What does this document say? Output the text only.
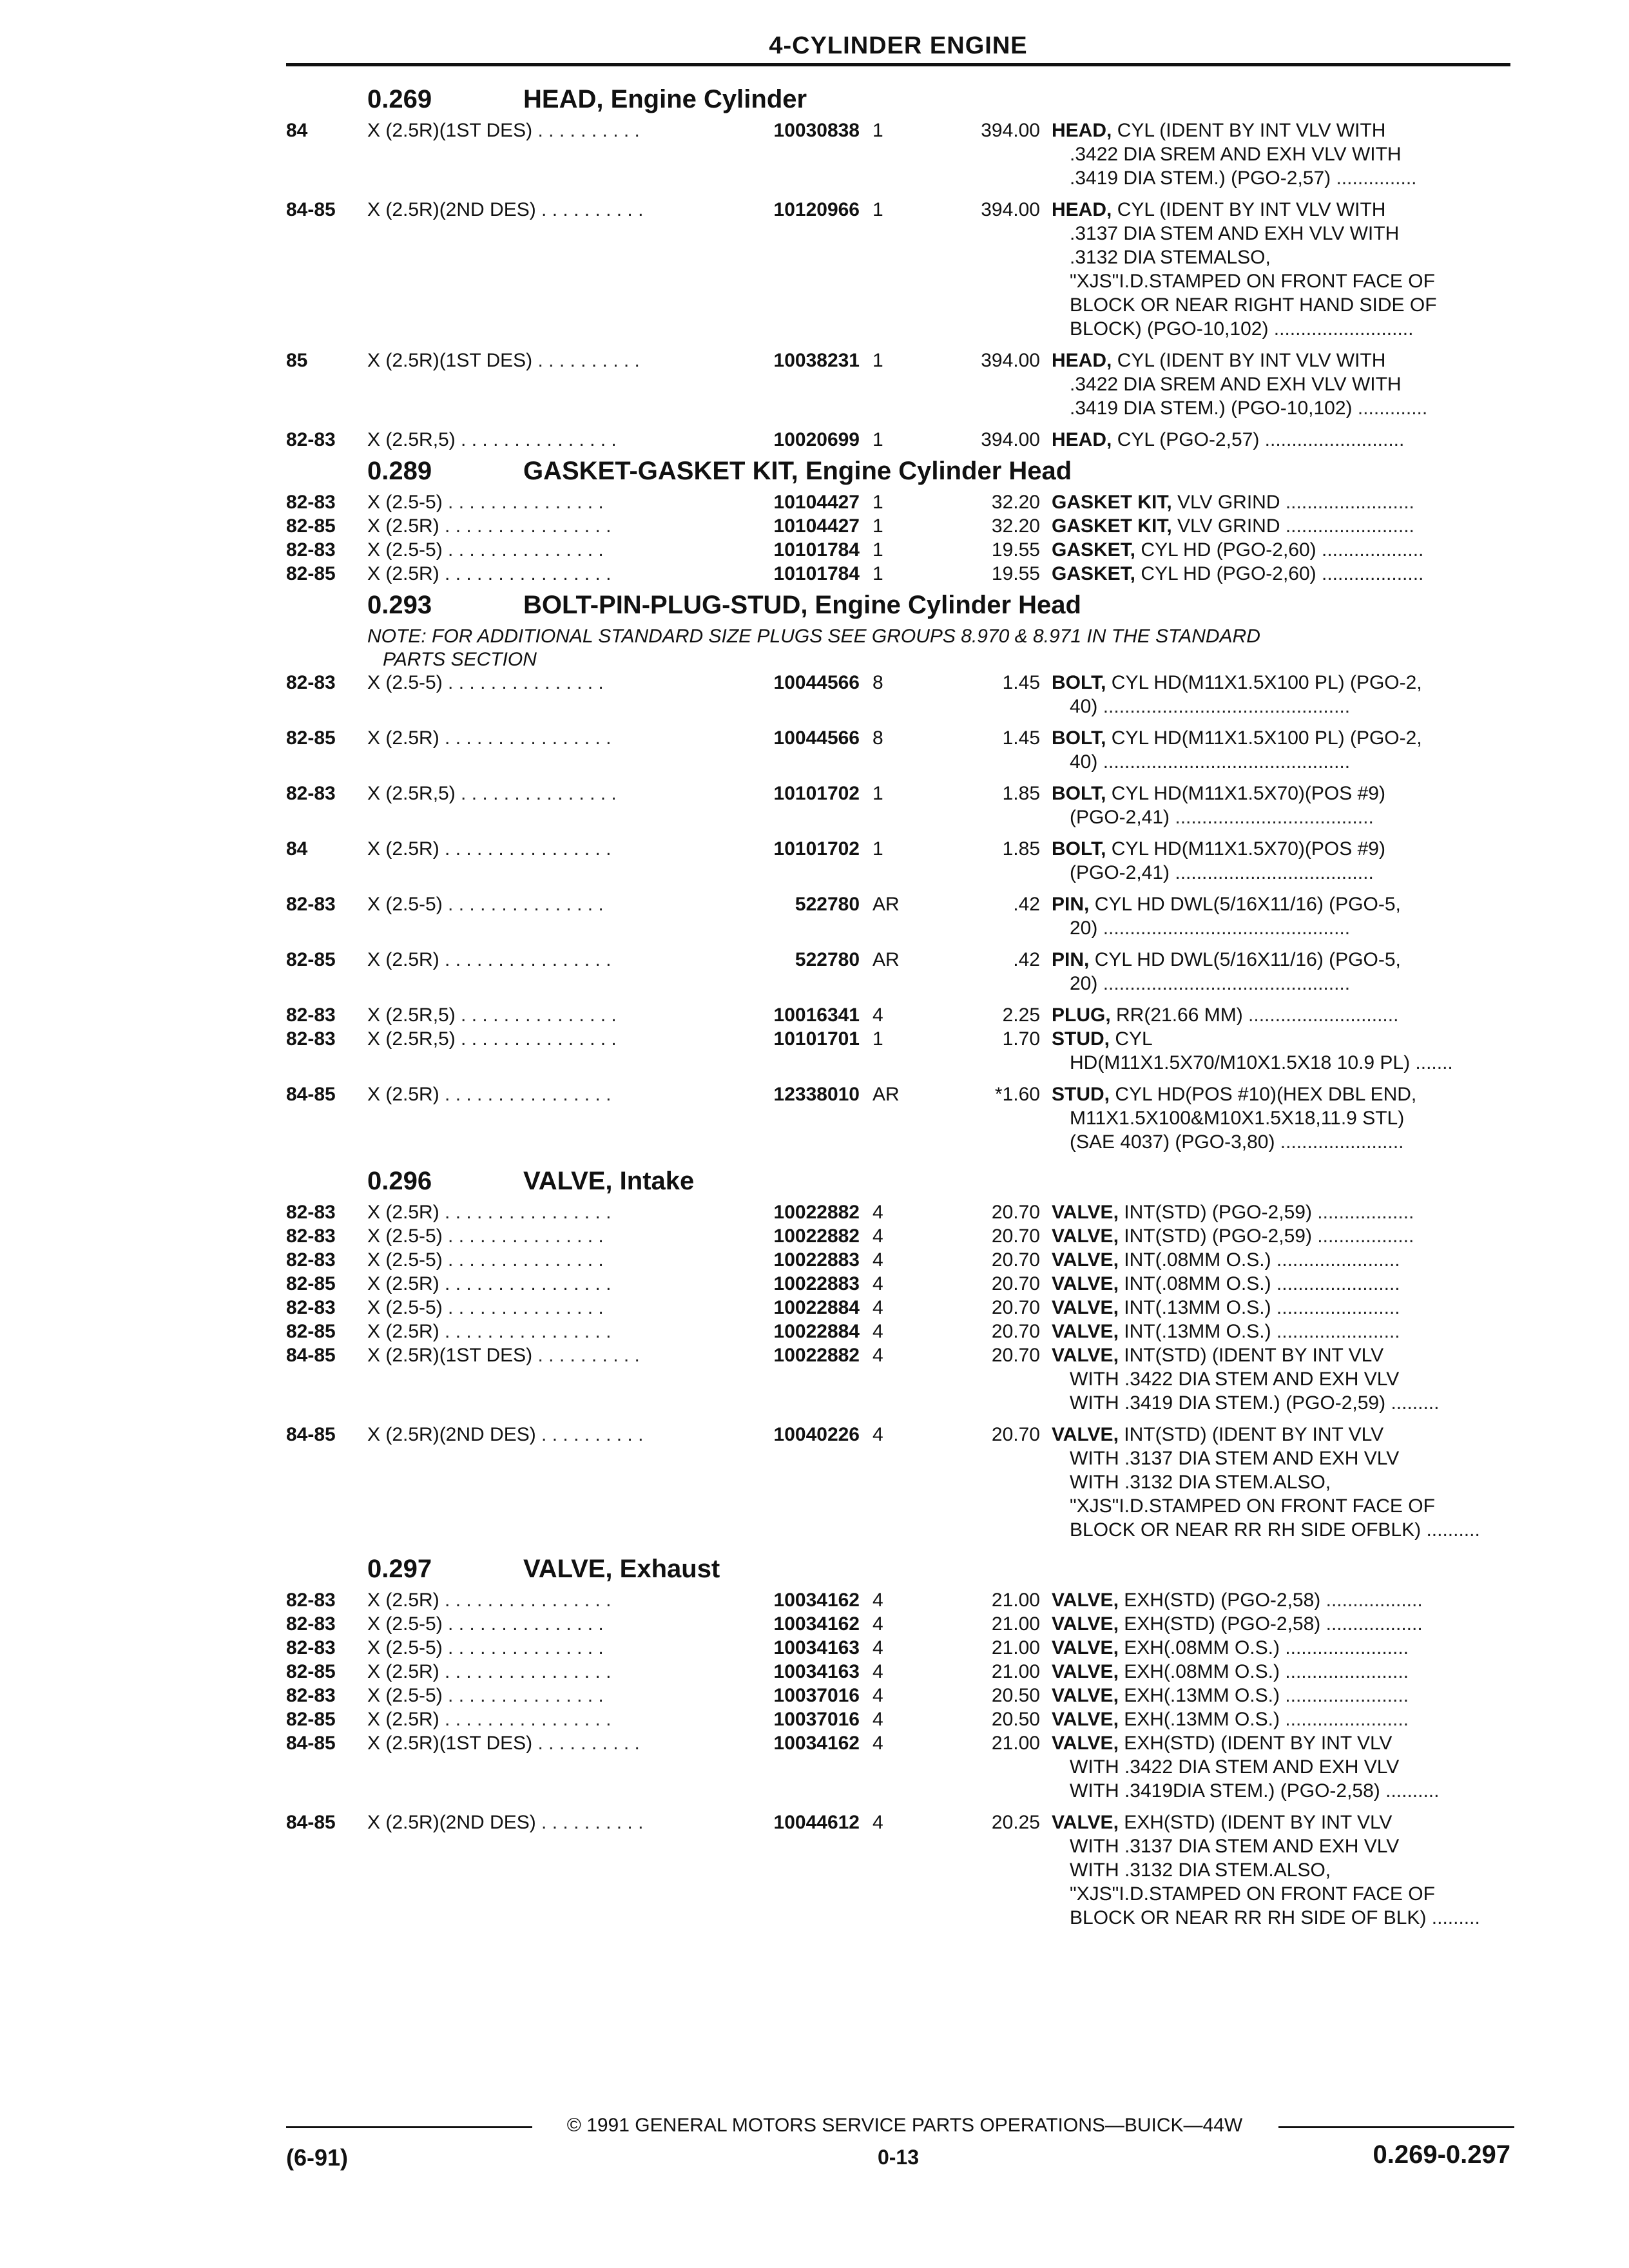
4-CYLINDER ENGINE
0.269	HEAD, Engine Cylinder
84	X (2.5R)(1ST DES) . . . . . . . . . .	10030838 1	394.00 HEAD, CYL (IDENT BY INT VLV WITH
.3422 DIA SREM AND EXH VLV WITH
.3419 DIA STEM.) (PGO-2,57) ...............
84-85	X (2.5R)(2ND DES) . . . . . . . . . .	10120966 1	394.00 HEAD, CYL (IDENT BY INT VLV WITH
.3137 DIA STEM AND EXH VLV WITH
.3132 DIA STEMALSO,
"XJS"I.D.STAMPED ON FRONT FACE OF
BLOCK OR NEAR RIGHT HAND SIDE OF
BLOCK) (PGO-10,102) ..........................
85	X (2.5R)(1ST DES) . . . . . . . . . .	10038231 1	394.00 HEAD, CYL (IDENT BY INT VLV WITH
.3422 DIA SREM AND EXH VLV WITH
.3419 DIA STEM.) (PGO-10,102) .............
82-83	X (2.5R,5) . . . . . . . . . . . . . . .	10020699 1	394.00 HEAD, CYL (PGO-2,57) ..........................
0.289	GASKET-GASKET KIT, Engine Cylinder Head
82-83	X (2.5-5) . . . . . . . . . . . . . . .	10104427 1	32.20 GASKET KIT, VLV GRIND ........................
82-85	X (2.5R) . . . . . . . . . . . . . . . .	10104427 1	32.20 GASKET KIT, VLV GRIND ........................
82-83	X (2.5-5) . . . . . . . . . . . . . . .	10101784 1	19.55 GASKET, CYL HD (PGO-2,60) ...................
82-85	X (2.5R) . . . . . . . . . . . . . . . .	10101784 1	19.55 GASKET, CYL HD (PGO-2,60) ...................
0.293	BOLT-PIN-PLUG-STUD, Engine Cylinder Head
NOTE: FOR ADDITIONAL STANDARD SIZE PLUGS SEE GROUPS 8.970 & 8.971 IN THE STANDARD
PARTS SECTION
82-83	X (2.5-5) . . . . . . . . . . . . . . .	10044566 8	1.45 BOLT, CYL HD(M11X1.5X100 PL) (PGO-2,
40) ..............................................
82-85	X (2.5R) . . . . . . . . . . . . . . . .	10044566 8	1.45 BOLT, CYL HD(M11X1.5X100 PL) (PGO-2,
40) ..............................................
82-83	X (2.5R,5) . . . . . . . . . . . . . . .	10101702 1	1.85 BOLT, CYL HD(M11X1.5X70)(POS #9)
(PGO-2,41) .....................................
84	X (2.5R) . . . . . . . . . . . . . . . .	10101702 1	1.85 BOLT, CYL HD(M11X1.5X70)(POS #9)
(PGO-2,41) .....................................
82-83	X (2.5-5) . . . . . . . . . . . . . . .	522780 AR	.42 PIN, CYL HD DWL(5/16X11/16) (PGO-5,
20) ..............................................
82-85	X (2.5R) . . . . . . . . . . . . . . . .	522780 AR	.42 PIN, CYL HD DWL(5/16X11/16) (PGO-5,
20) ..............................................
82-83	X (2.5R,5) . . . . . . . . . . . . . . .	10016341 4	2.25 PLUG, RR(21.66 MM) ............................
82-83	X (2.5R,5) . . . . . . . . . . . . . . .	10101701 1	1.70 STUD, CYL
HD(M11X1.5X70/M10X1.5X18 10.9 PL) .......
84-85	X (2.5R) . . . . . . . . . . . . . . . .	12338010 AR	*1.60 STUD, CYL HD(POS #10)(HEX DBL END,
M11X1.5X100&M10X1.5X18,11.9 STL)
(SAE 4037) (PGO-3,80) .......................
0.296	VALVE, Intake
82-83	X (2.5R) . . . . . . . . . . . . . . . .	10022882 4	20.70 VALVE, INT(STD) (PGO-2,59) ..................
82-83	X (2.5-5) . . . . . . . . . . . . . . .	10022882 4	20.70 VALVE, INT(STD) (PGO-2,59) ..................
82-83	X (2.5-5) . . . . . . . . . . . . . . .	10022883 4	20.70 VALVE, INT(.08MM O.S.) .......................
82-85	X (2.5R) . . . . . . . . . . . . . . . .	10022883 4	20.70 VALVE, INT(.08MM O.S.) .......................
82-83	X (2.5-5) . . . . . . . . . . . . . . .	10022884 4	20.70 VALVE, INT(.13MM O.S.) .......................
82-85	X (2.5R) . . . . . . . . . . . . . . . .	10022884 4	20.70 VALVE, INT(.13MM O.S.) .......................
84-85	X (2.5R)(1ST DES) . . . . . . . . . .	10022882 4	20.70 VALVE, INT(STD) (IDENT BY INT VLV
WITH .3422 DIA STEM AND EXH VLV
WITH .3419 DIA STEM.) (PGO-2,59) .........
84-85	X (2.5R)(2ND DES) . . . . . . . . . .	10040226 4	20.70 VALVE, INT(STD) (IDENT BY INT VLV
WITH .3137 DIA STEM AND EXH VLV
WITH .3132 DIA STEM.ALSO,
"XJS"I.D.STAMPED ON FRONT FACE OF
BLOCK OR NEAR RR RH SIDE OFBLK) ..........
0.297	VALVE, Exhaust
82-83	X (2.5R) . . . . . . . . . . . . . . . .	10034162 4	21.00 VALVE, EXH(STD) (PGO-2,58) ..................
82-83	X (2.5-5) . . . . . . . . . . . . . . .	10034162 4	21.00 VALVE, EXH(STD) (PGO-2,58) ..................
82-83	X (2.5-5) . . . . . . . . . . . . . . .	10034163 4	21.00 VALVE, EXH(.08MM O.S.) .......................
82-85	X (2.5R) . . . . . . . . . . . . . . . .	10034163 4	21.00 VALVE, EXH(.08MM O.S.) .......................
82-83	X (2.5-5) . . . . . . . . . . . . . . .	10037016 4	20.50 VALVE, EXH(.13MM O.S.) .......................
82-85	X (2.5R) . . . . . . . . . . . . . . . .	10037016 4	20.50 VALVE, EXH(.13MM O.S.) .......................
84-85	X (2.5R)(1ST DES) . . . . . . . . . .	10034162 4	21.00 VALVE, EXH(STD) (IDENT BY INT VLV
WITH .3422 DIA STEM AND EXH VLV
WITH .3419DIA STEM.) (PGO-2,58) ..........
84-85	X (2.5R)(2ND DES) . . . . . . . . . .	10044612 4	20.25 VALVE, EXH(STD) (IDENT BY INT VLV
WITH .3137 DIA STEM AND EXH VLV
WITH .3132 DIA STEM.ALSO,
"XJS"I.D.STAMPED ON FRONT FACE OF
BLOCK OR NEAR RR RH SIDE OF BLK) .........
© 1991 GENERAL MOTORS SERVICE PARTS OPERATIONS—BUICK—44W
(6-91)	0-13	0.269-0.297
